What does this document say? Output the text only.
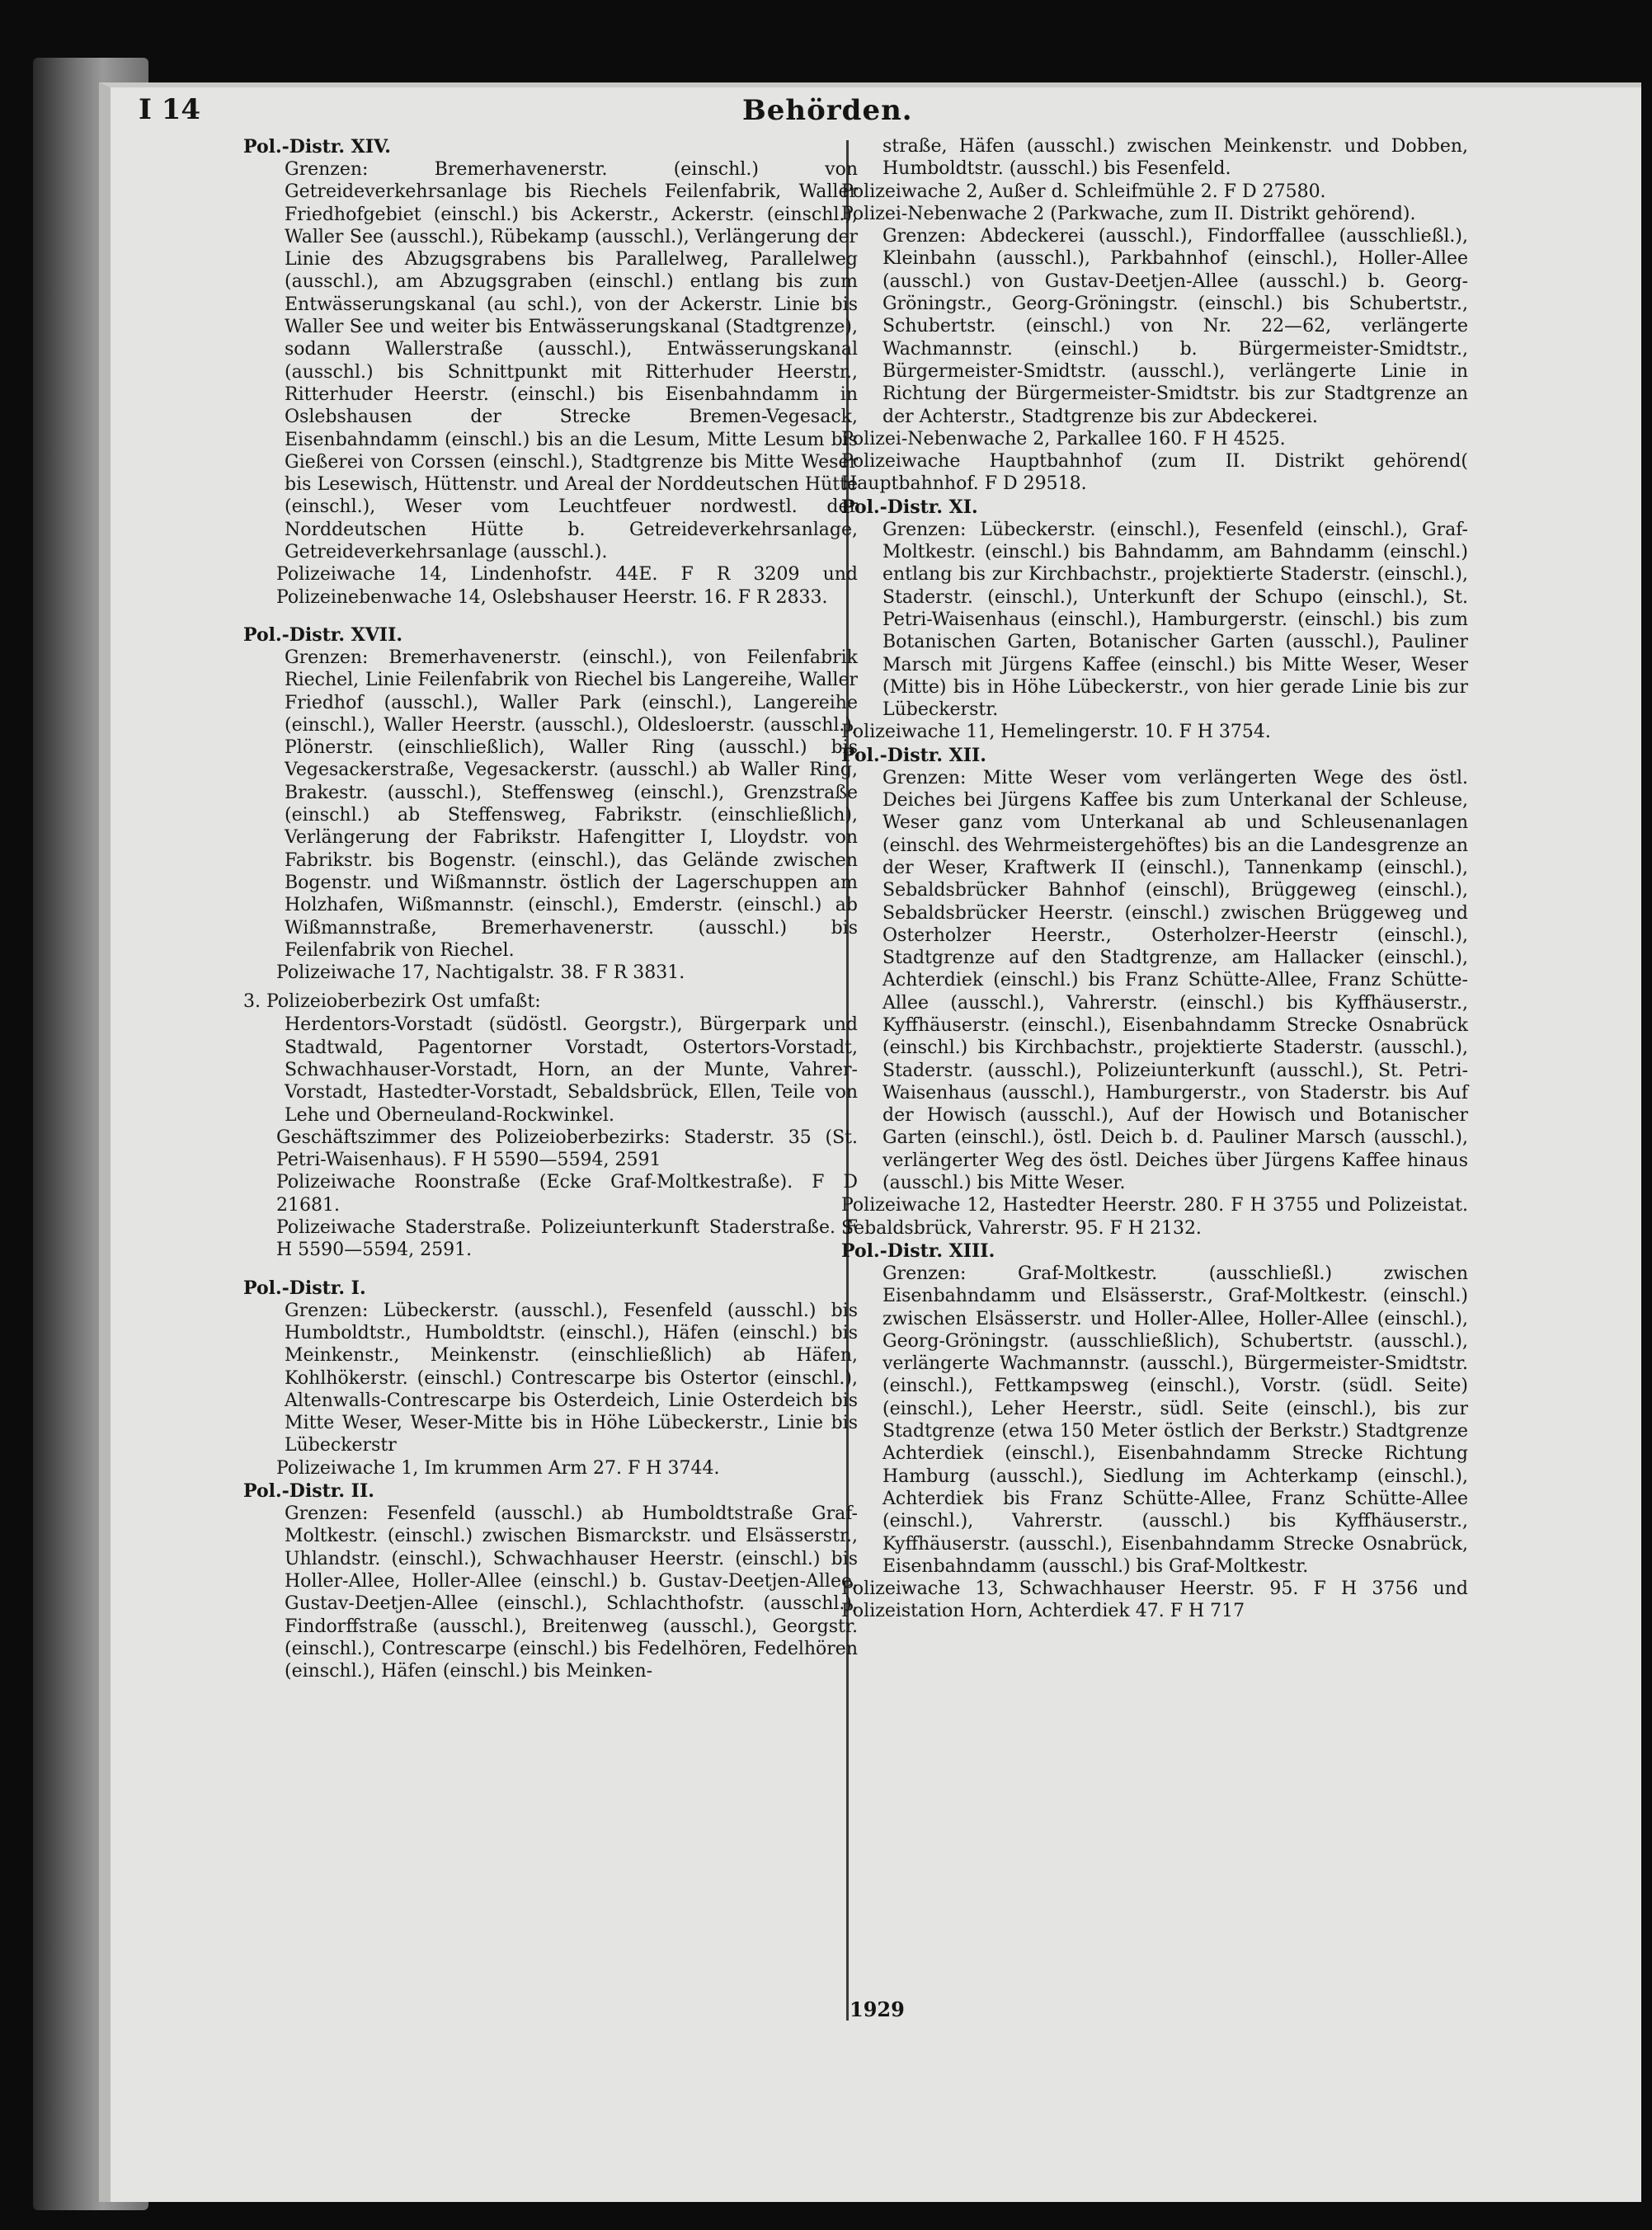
I 14	Behörden.

Pol.-Distr. XIV.

Grenzen: Bremerhavenerstr. (einschl.) von Getreideverkehrsanlage bis Riechels Feilenfabrik, Waller Friedhofgebiet (einschl.) bis Ackerstr., Ackerstr. (einschl.), Waller See (ausschl.), Rübekamp (ausschl.), Verlängerung der Linie des Abzugsgrabens bis Parallelweg, Parallelweg (ausschl.), am Abzugsgraben (einschl.) entlang bis zum Entwässerungskanal (au schl.), von der Ackerstr. Linie bis Waller See und weiter bis Entwässerungskanal (Stadtgrenze), sodann Wallerstraße (ausschl.), Entwässerungskanal (ausschl.) bis Schnittpunkt mit Ritterhuder Heerstr., Ritterhuder Heerstr. (einschl.) bis Eisenbahndamm in Oslebshausen der Strecke Bremen-Vegesack, Eisenbahndamm (einschl.) bis an die Lesum, Mitte Lesum bis Gießerei von Corssen (einschl.), Stadtgrenze bis Mitte Weser bis Lesewisch, Hüttenstr. und Areal der Norddeutschen Hütte (einschl.), Weser vom Leuchtfeuer nordwestl. der Norddeutschen Hütte b. Getreideverkehrsanlage, Getreideverkehrsanlage (ausschl.).

Polizeiwache 14, Lindenhofstr. 44E. F R 3209 und Polizeinebenwache 14, Oslebshauser Heerstr. 16. F R 2833.

Pol.-Distr. XVII.

Grenzen: Bremerhavenerstr. (einschl.), von Feilenfabrik Riechel, Linie Feilenfabrik von Riechel bis Langereihe, Waller Friedhof (ausschl.), Waller Park (einschl.), Langereihe (einschl.), Waller Heerstr. (ausschl.), Oldesloerstr. (ausschl.), Plönerstr. (einschließlich), Waller Ring (ausschl.) bis Vegesackerstraße, Vegesackerstr. (ausschl.) ab Waller Ring, Brakestr. (ausschl.), Steffensweg (einschl.), Grenzstraße (einschl.) ab Steffensweg, Fabrikstr. (einschließlich), Verlängerung der Fabrikstr. Hafengitter I, Lloydstr. von Fabrikstr. bis Bogenstr. (einschl.), das Gelände zwischen Bogenstr. und Wißmannstr. östlich der Lagerschuppen am Holzhafen, Wißmannstr. (einschl.), Emderstr. (einschl.) ab Wißmannstraße, Bremerhavenerstr. (ausschl.) bis Feilenfabrik von Riechel.

Polizeiwache 17, Nachtigalstr. 38. F R 3831.

3. Polizeioberbezirk Ost umfaßt:

Herdentors-Vorstadt (südöstl. Georgstr.), Bürgerpark und Stadtwald, Pagentorner Vorstadt, Ostertors-Vorstadt, Schwachhauser-Vorstadt, Horn, an der Munte, Vahrer-Vorstadt, Hastedter-Vorstadt, Sebaldsbrück, Ellen, Teile von Lehe und Oberneuland-Rockwinkel.

Geschäftszimmer des Polizeioberbezirks: Staderstr. 35 (St. Petri-Waisenhaus). F H 5590—5594, 2591

Polizeiwache Roonstraße (Ecke Graf-Moltkestraße). F D 21681.

Polizeiwache Staderstraße. Polizeiunterkunft Staderstraße. F H 5590—5594, 2591.

Pol.-Distr. I.

Grenzen: Lübeckerstr. (ausschl.), Fesenfeld (ausschl.) bis Humboldtstr., Humboldtstr. (einschl.), Häfen (einschl.) bis Meinkenstr., Meinkenstr. (einschließlich) ab Häfen, Kohlhökerstr. (einschl.) Contrescarpe bis Ostertor (einschl.), Altenwalls-Contrescarpe bis Osterdeich, Linie Osterdeich bis Mitte Weser, Weser-Mitte bis in Höhe Lübeckerstr., Linie bis Lübeckerstr

Polizeiwache 1, Im krummen Arm 27. F H 3744.

Pol.-Distr. II.

Grenzen: Fesenfeld (ausschl.) ab Humboldtstraße Graf-Moltkestr. (einschl.) zwischen Bismarckstr. und Elsässerstr., Uhlandstr. (einschl.), Schwachhauser Heerstr. (einschl.) bis Holler-Allee, Holler-Allee (einschl.) b. Gustav-Deetjen-Allee, Gustav-Deetjen-Allee (einschl.), Schlachthofstr. (ausschl.), Findorffstraße (ausschl.), Breitenweg (ausschl.), Georgstr. (einschl.), Contrescarpe (einschl.) bis Fedelhören, Fedelhören (einschl.), Häfen (einschl.) bis Meinken-

straße, Häfen (ausschl.) zwischen Meinkenstr. und Dobben, Humboldtstr. (ausschl.) bis Fesenfeld.

Polizeiwache 2, Außer d. Schleifmühle 2. F D 27580.

Polizei-Nebenwache 2 (Parkwache, zum II. Distrikt gehörend).

Grenzen: Abdeckerei (ausschl.), Findorffallee (ausschließl.), Kleinbahn (ausschl.), Parkbahnhof (einschl.), Holler-Allee (ausschl.) von Gustav-Deetjen-Allee (ausschl.) b. Georg-Gröningstr., Georg-Gröningstr. (einschl.) bis Schubertstr., Schubertstr. (einschl.) von Nr. 22—62, verlängerte Wachmannstr. (einschl.) b. Bürgermeister-Smidtstr., Bürgermeister-Smidtstr. (ausschl.), verlängerte Linie in Richtung der Bürgermeister-Smidtstr. bis zur Stadtgrenze an der Achterstr., Stadtgrenze bis zur Abdeckerei.

Polizei-Nebenwache 2, Parkallee 160. F H 4525.

Polizeiwache Hauptbahnhof (zum II. Distrikt gehörend( Hauptbahnhof. F D 29518.

Pol.-Distr. XI.

Grenzen: Lübeckerstr. (einschl.), Fesenfeld (einschl.), Graf-Moltkestr. (einschl.) bis Bahndamm, am Bahndamm (einschl.) entlang bis zur Kirchbachstr., projektierte Staderstr. (einschl.), Staderstr. (einschl.), Unterkunft der Schupo (einschl.), St. Petri-Waisenhaus (einschl.), Hamburgerstr. (einschl.) bis zum Botanischen Garten, Botanischer Garten (ausschl.), Pauliner Marsch mit Jürgens Kaffee (einschl.) bis Mitte Weser, Weser (Mitte) bis in Höhe Lübeckerstr., von hier gerade Linie bis zur Lübeckerstr.

Polizeiwache 11, Hemelingerstr. 10. F H 3754.

Pol.-Distr. XII.

Grenzen: Mitte Weser vom verlängerten Wege des östl. Deiches bei Jürgens Kaffee bis zum Unterkanal der Schleuse, Weser ganz vom Unterkanal ab und Schleusenanlagen (einschl. des Wehrmeistergehöftes) bis an die Landesgrenze an der Weser, Kraftwerk II (einschl.), Tannenkamp (einschl.), Sebaldsbrücker Bahnhof (einschl), Brüggeweg (einschl.), Sebaldsbrücker Heerstr. (einschl.) zwischen Brüggeweg und Osterholzer Heerstr., Osterholzer-Heerstr (einschl.), Stadtgrenze auf den Stadtgrenze, am Hallacker (einschl.), Achterdiek (einschl.) bis Franz Schütte-Allee, Franz Schütte-Allee (ausschl.), Vahrerstr. (einschl.) bis Kyffhäuserstr., Kyffhäuserstr. (einschl.), Eisenbahndamm Strecke Osnabrück (einschl.) bis Kirchbachstr., projektierte Staderstr. (ausschl.), Staderstr. (ausschl.), Polizeiunterkunft (ausschl.), St. Petri-Waisenhaus (ausschl.), Hamburgerstr., von Staderstr. bis Auf der Howisch (ausschl.), Auf der Howisch und Botanischer Garten (einschl.), östl. Deich b. d. Pauliner Marsch (ausschl.), verlängerter Weg des östl. Deiches über Jürgens Kaffee hinaus (ausschl.) bis Mitte Weser.

Polizeiwache 12, Hastedter Heerstr. 280. F H 3755 und Polizeistat. Sebaldsbrück, Vahrerstr. 95. F H 2132.

Pol.-Distr. XIII.

Grenzen: Graf-Moltkestr. (ausschließl.) zwischen Eisenbahndamm und Elsässerstr., Graf-Moltkestr. (einschl.) zwischen Elsässerstr. und Holler-Allee, Holler-Allee (einschl.), Georg-Gröningstr. (ausschließlich), Schubertstr. (ausschl.), verlängerte Wachmannstr. (ausschl.), Bürgermeister-Smidtstr. (einschl.), Fettkampsweg (einschl.), Vorstr. (südl. Seite) (einschl.), Leher Heerstr., südl. Seite (einschl.), bis zur Stadtgrenze (etwa 150 Meter östlich der Berkstr.) Stadtgrenze Achterdiek (einschl.), Eisenbahndamm Strecke Richtung Hamburg (ausschl.), Siedlung im Achterkamp (einschl.), Achterdiek bis Franz Schütte-Allee, Franz Schütte-Allee (einschl.), Vahrerstr. (ausschl.) bis Kyffhäuserstr., Kyffhäuserstr. (ausschl.), Eisenbahndamm Strecke Osnabrück, Eisenbahndamm (ausschl.) bis Graf-Moltkestr.

Polizeiwache 13, Schwachhauser Heerstr. 95. F H 3756 und Polizeistation Horn, Achterdiek 47. F H 717

1929
